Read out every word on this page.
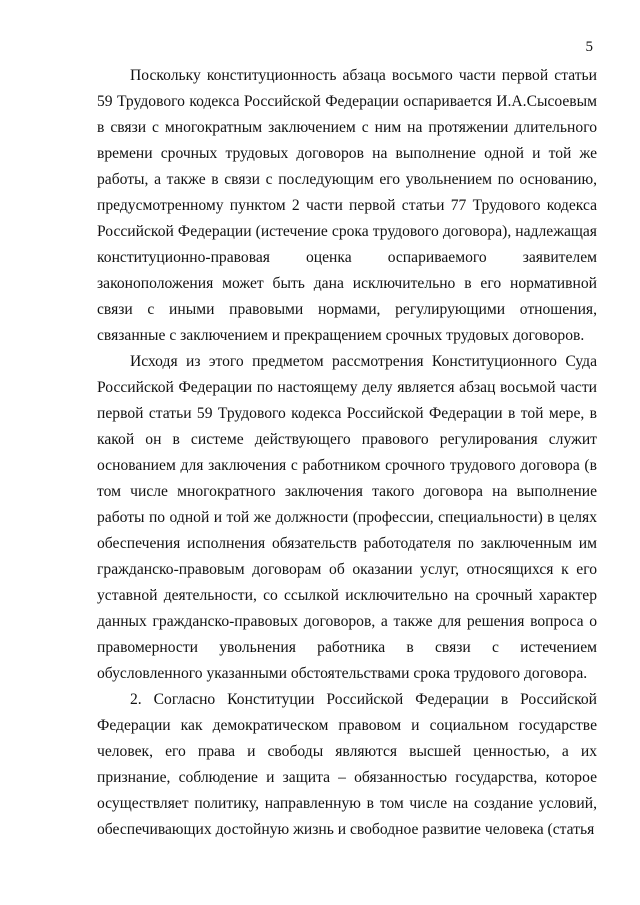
5

Поскольку конституционность абзаца восьмого части первой статьи 59 Трудового кодекса Российской Федерации оспаривается И.А.Сысоевым в связи с многократным заключением с ним на протяжении длительного времени срочных трудовых договоров на выполнение одной и той же работы, а также в связи с последующим его увольнением по основанию, предусмотренному пунктом 2 части первой статьи 77 Трудового кодекса Российской Федерации (истечение срока трудового договора), надлежащая конституционно-правовая оценка оспариваемого заявителем законоположения может быть дана исключительно в его нормативной связи с иными правовыми нормами, регулирующими отношения, связанные с заключением и прекращением срочных трудовых договоров.

Исходя из этого предметом рассмотрения Конституционного Суда Российской Федерации по настоящему делу является абзац восьмой части первой статьи 59 Трудового кодекса Российской Федерации в той мере, в какой он в системе действующего правового регулирования служит основанием для заключения с работником срочного трудового договора (в том числе многократного заключения такого договора на выполнение работы по одной и той же должности (профессии, специальности) в целях обеспечения исполнения обязательств работодателя по заключенным им гражданско-правовым договорам об оказании услуг, относящихся к его уставной деятельности, со ссылкой исключительно на срочный характер данных гражданско-правовых договоров, а также для решения вопроса о правомерности увольнения работника в связи с истечением обусловленного указанными обстоятельствами срока трудового договора.

2. Согласно Конституции Российской Федерации в Российской Федерации как демократическом правовом и социальном государстве человек, его права и свободы являются высшей ценностью, а их признание, соблюдение и защита – обязанностью государства, которое осуществляет политику, направленную в том числе на создание условий, обеспечивающих достойную жизнь и свободное развитие человека (статья
